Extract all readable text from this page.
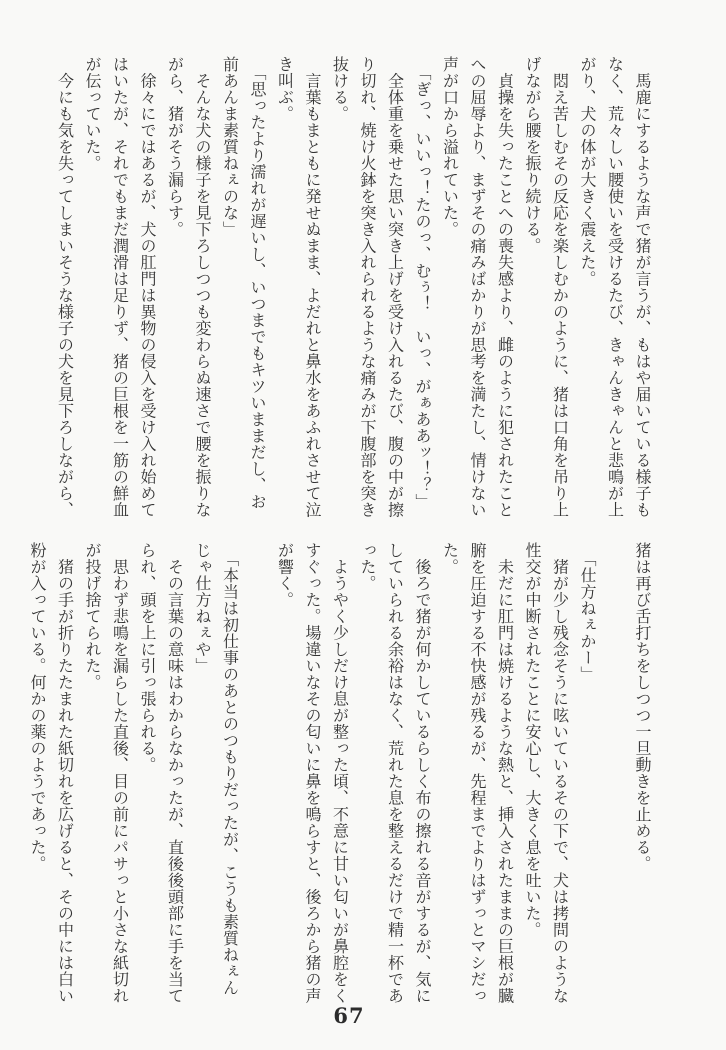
　馬鹿にするような声で猪が言うが、もはや届いている様子もなく、荒々しい腰使いを受けるたび、きゃんきゃんと悲鳴が上がり、犬の体が大きく震えた。

　悶え苦しむその反応を楽しむかのように、猪は口角を吊り上げながら腰を振り続ける。

　貞操を失ったことへの喪失感より、雌のように犯されたことへの屈辱より、まずその痛みばかりが思考を満たし、情けない声が口から溢れていた。

　「ぎっ、いいっ！たのっ、むぅ！　いっ、がぁああッ！？」

　全体重を乗せた思い突き上げを受け入れるたび、腹の中が擦り切れ、焼け火鉢を突き入れられるような痛みが下腹部を突き抜ける。

　言葉もまともに発せぬまま、よだれと鼻水をあふれさせて泣き叫ぶ。

　「思ったより濡れが遅いし、いつまでもキツいままだし、お前あんま素質ねぇのな」

　そんな犬の様子を見下ろしつつも変わらぬ速さで腰を振りながら、猪がそう漏らす。

　徐々にではあるが、犬の肛門は異物の侵入を受け入れ始めてはいたが、それでもまだ潤滑は足りず、猪の巨根を一筋の鮮血が伝っていた。

　今にも気を失ってしまいそうな様子の犬を見下ろしながら、

猪は再び舌打ちをしつつ一旦動きを止める。

　「仕方ねぇかー」

　猪が少し残念そうに呟いているその下で、犬は拷問のような性交が中断されたことに安心し、大きく息を吐いた。

　未だに肛門は焼けるような熱と、挿入されたままの巨根が臓腑を圧迫する不快感が残るが、先程までよりはずっとマシだった。

　後ろで猪が何かしているらしく布の擦れる音がするが、気にしていられる余裕はなく、荒れた息を整えるだけで精一杯であった。

　ようやく少しだけ息が整った頃、不意に甘い匂いが鼻腔をくすぐった。場違いなその匂いに鼻を鳴らすと、後ろから猪の声が響く。

　「本当は初仕事のあとのつもりだったが、こうも素質ねぇんじゃ仕方ねぇや」

　その言葉の意味はわからなかったが、直後後頭部に手を当てられ、頭を上に引っ張られる。

　思わず悲鳴を漏らした直後、目の前にパサっと小さな紙切れが投げ捨てられた。

　猪の手が折りたたまれた紙切れを広げると、その中には白い粉が入っている。何かの薬のようであった。

67
